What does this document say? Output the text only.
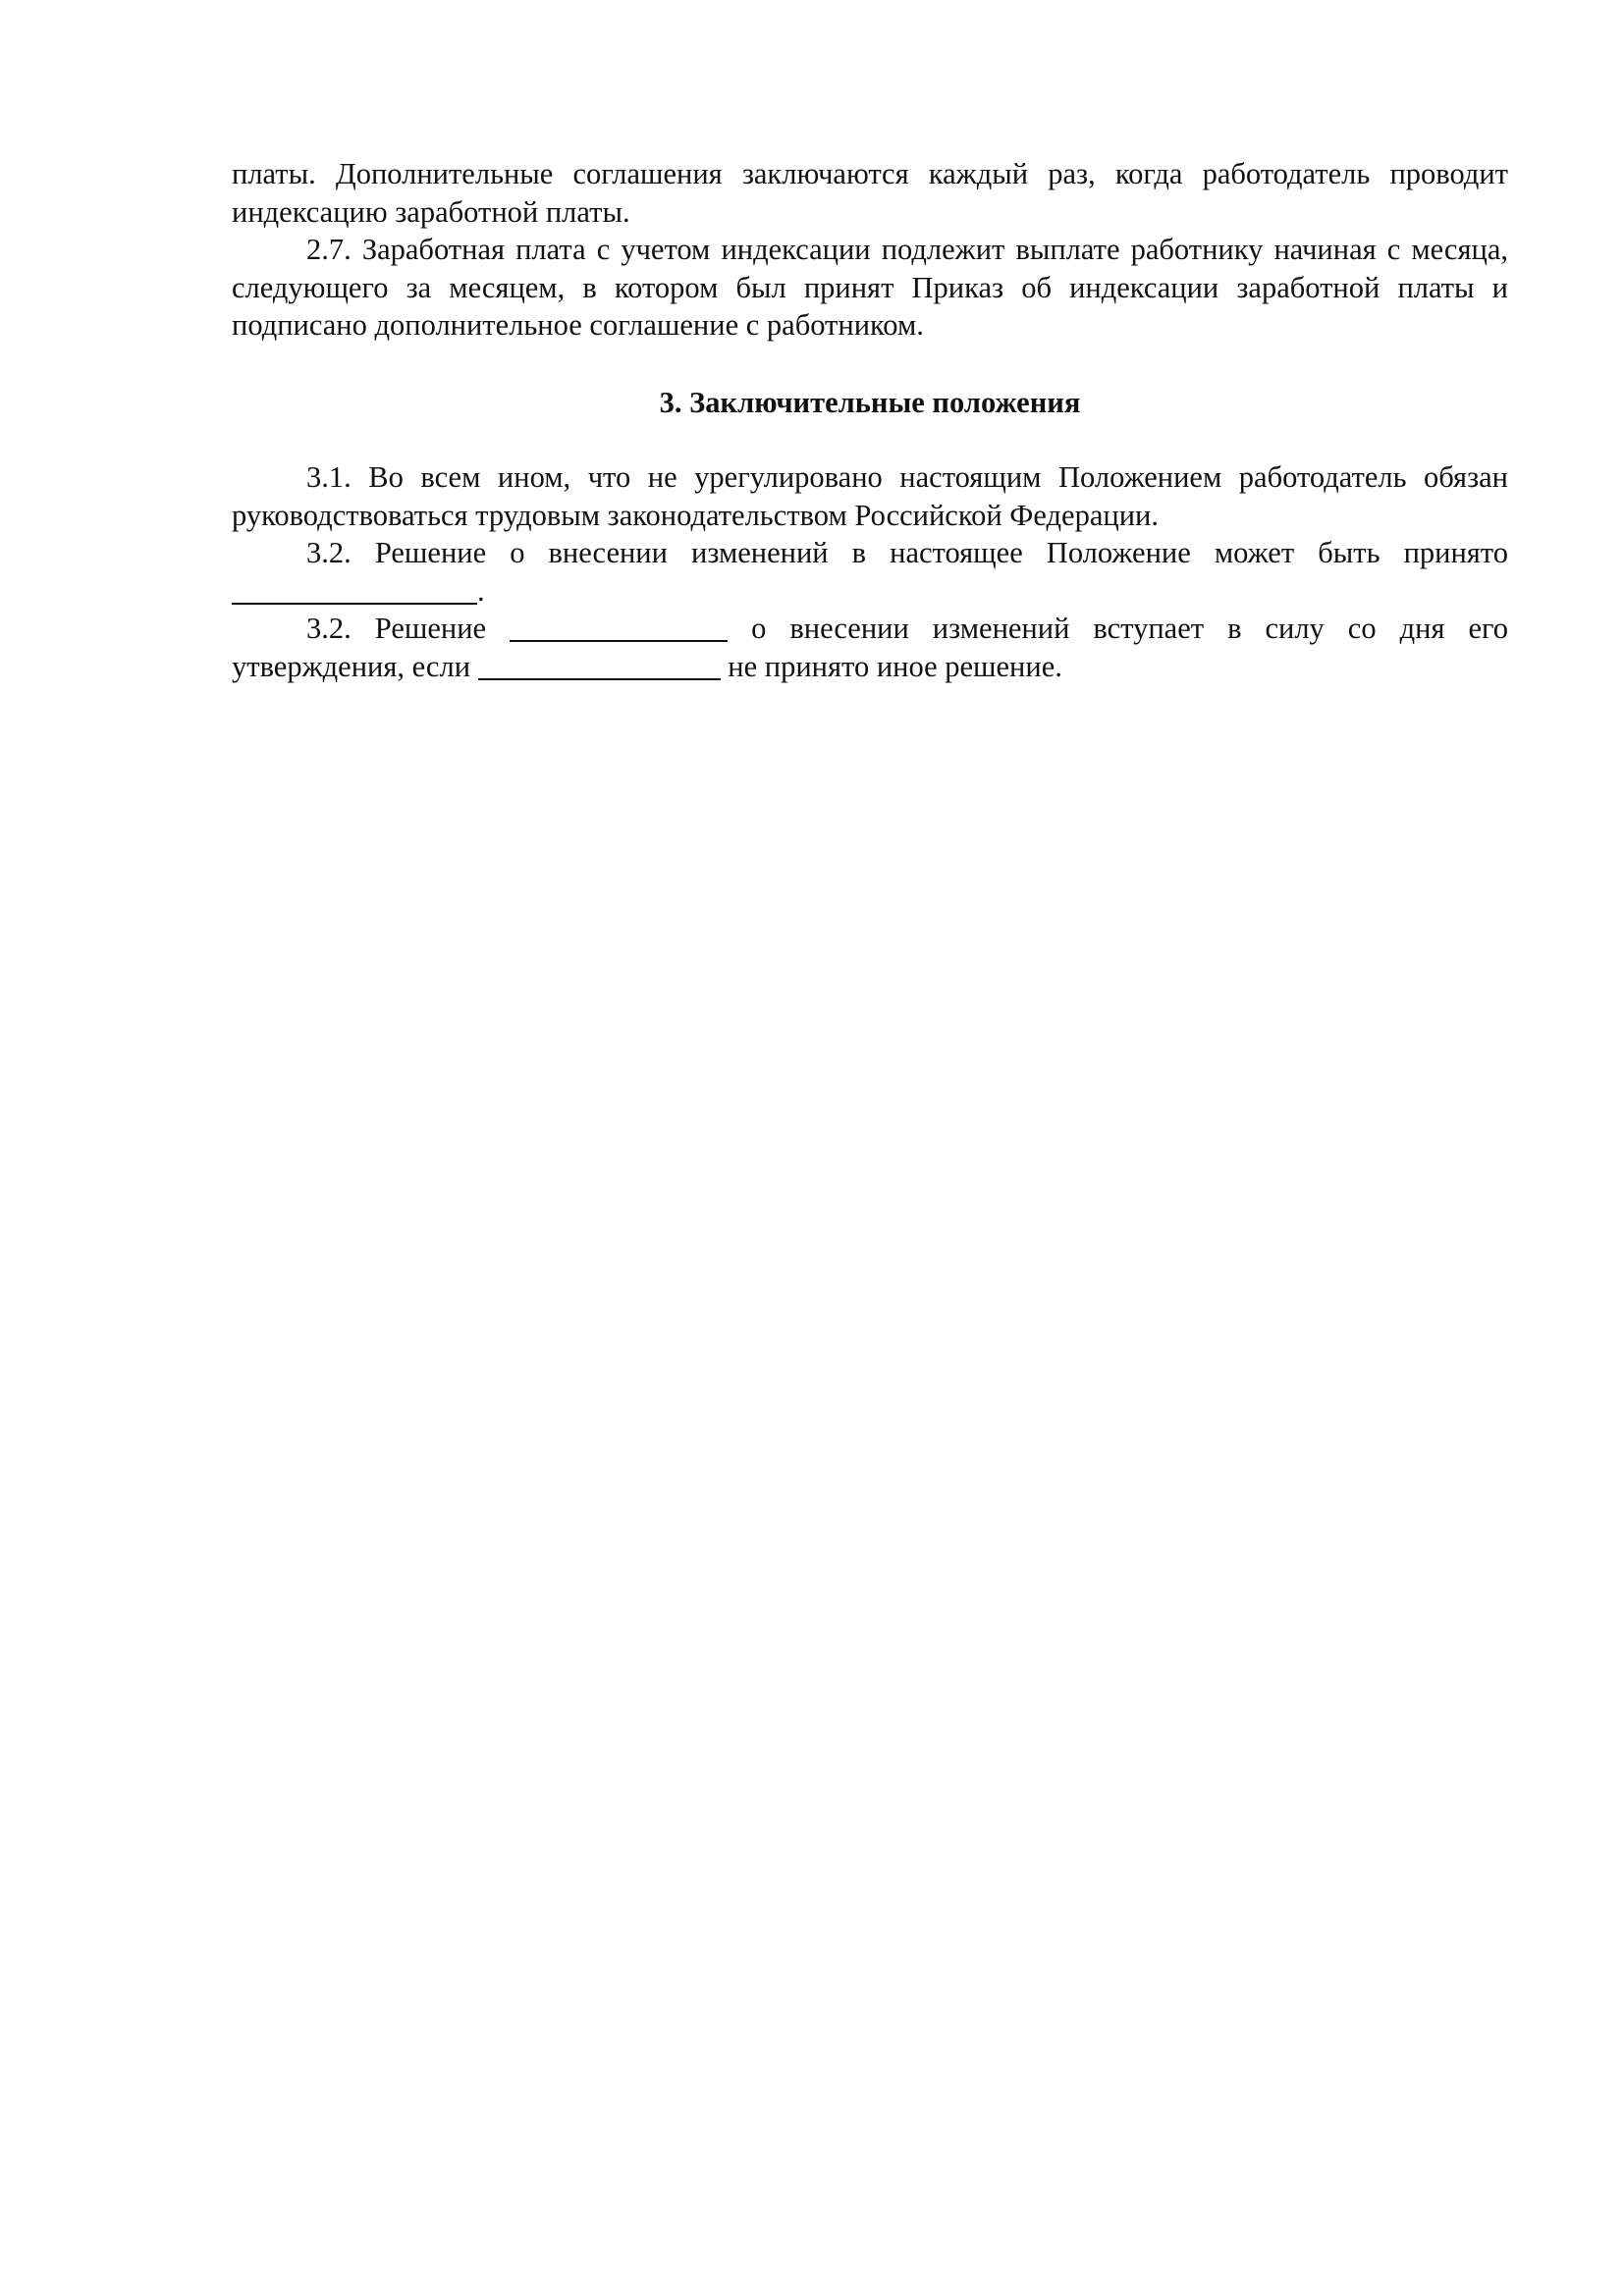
платы. Дополнительные соглашения заключаются каждый раз, когда работодатель проводит индексацию заработной платы.

2.7. Заработная плата с учетом индексации подлежит выплате работнику начиная с месяца, следующего за месяцем, в котором был принят Приказ об индексации заработной платы и подписано дополнительное соглашение с работником.

3. Заключительные положения

3.1. Во всем ином, что не урегулировано настоящим Положением работодатель обязан руководствоваться трудовым законодательством Российской Федерации.

3.2. Решение о внесении изменений в настоящее Положение может быть принято

.

3.2. Решение	о внесении изменений вступает в силу со дня его утверждения, если	не принято иное решение.
